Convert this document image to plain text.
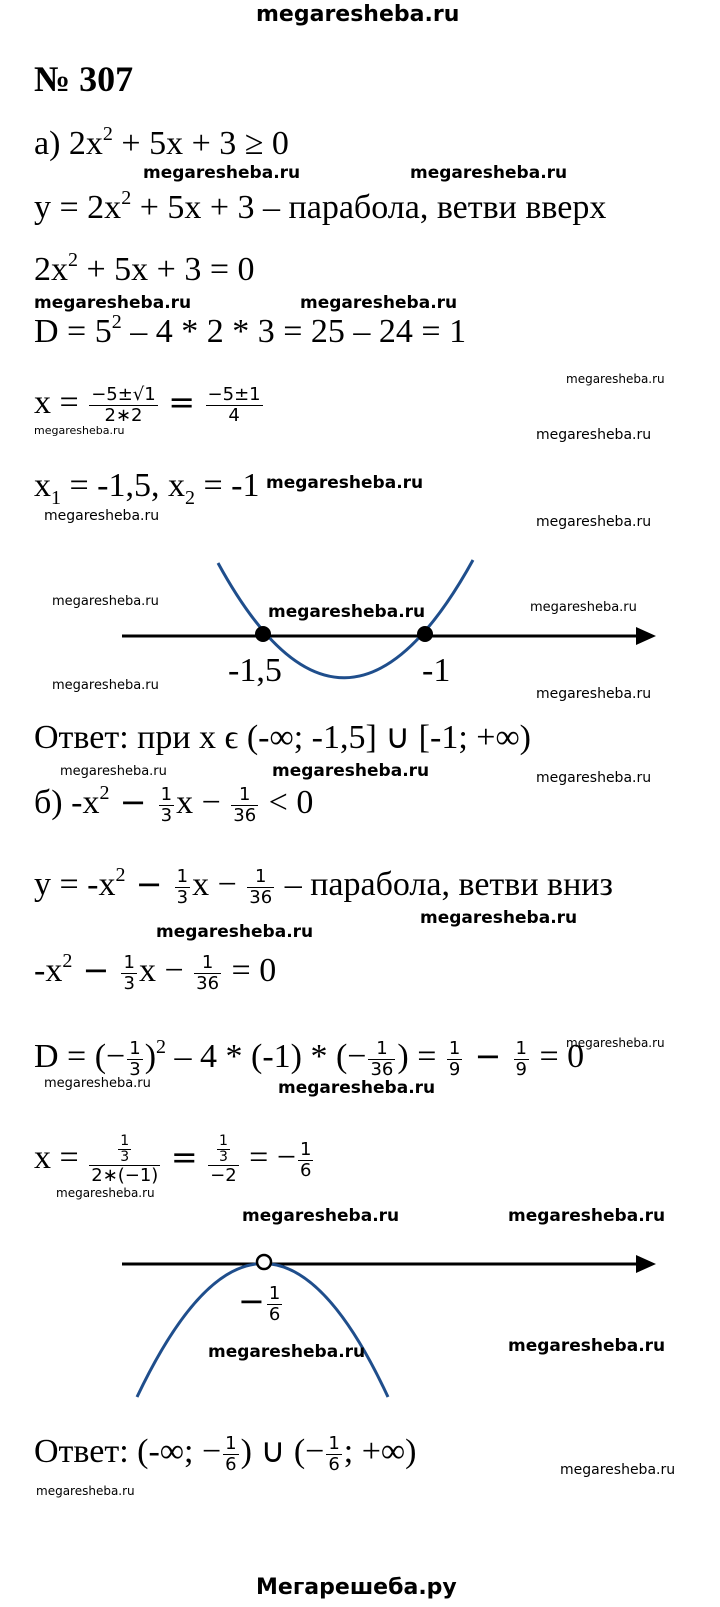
megaresheba.ru
Мегарешеба.ру
№ 307
а) $2x^2 + 5x + 3 \ge 0$
$y = 2x^2 + 5x + 3$ – парабола, ветви вверх
$2x^2 + 5x + 3 = 0$
$D = 5^2 - 4 * 2 * 3 = 25 - 24 = 1$
$x = \frac{-5\pm√1}{2∗2} = \frac{-5\pm 1}{4}$
$x_1 = -1,5$, $x_2 = -1$
-1,5	-1
Ответ: при x ϵ (-∞; -1,5] ∪ [-1; +∞)
б) $-x^2 - \frac{1}{3}$ $x - \frac{1}{36} < 0$
$y = -x^2 - \frac{1}{3}$ $x - \frac{1}{36}$ – парабола, ветви вниз
$-x^2 - \frac{1}{3}$ $x - \frac{1}{36} = 0$
D = (− $\frac{1}{3} )^2 - 4 * (-1)$ * (− $\frac{1}{36}$ ) = $\frac{1}{9} - \frac{1}{9} = 0$
$x = \frac{\frac{1}{3}}{2∗(-1)} = \frac{\frac{1}{3}}{-2}$ = − $\frac{1}{6}$
− $\frac{1}{6}$
Ответ: (-∞; − $\frac{1}{6}$ ) ∪ (− $\frac{1}{6}$ ; +∞)
megaresheba.ru	megaresheba.ru
megaresheba.ru	megaresheba.ru
megaresheba.ru
megaresheba.ru	megaresheba.ru
megaresheba.ru
megaresheba.ru	megaresheba.ru
megaresheba.ru
megaresheba.ru	megaresheba.ru
megaresheba.ru
megaresheba.ru
megaresheba.ru	megaresheba.ru	megaresheba.ru
megaresheba.ru
megaresheba.ru
megaresheba.ru
megaresheba.ru	megaresheba.ru
megaresheba.ru
megaresheba.ru	megaresheba.ru
megaresheba.ru
megaresheba.ru
megaresheba.ru
megaresheba.ru
